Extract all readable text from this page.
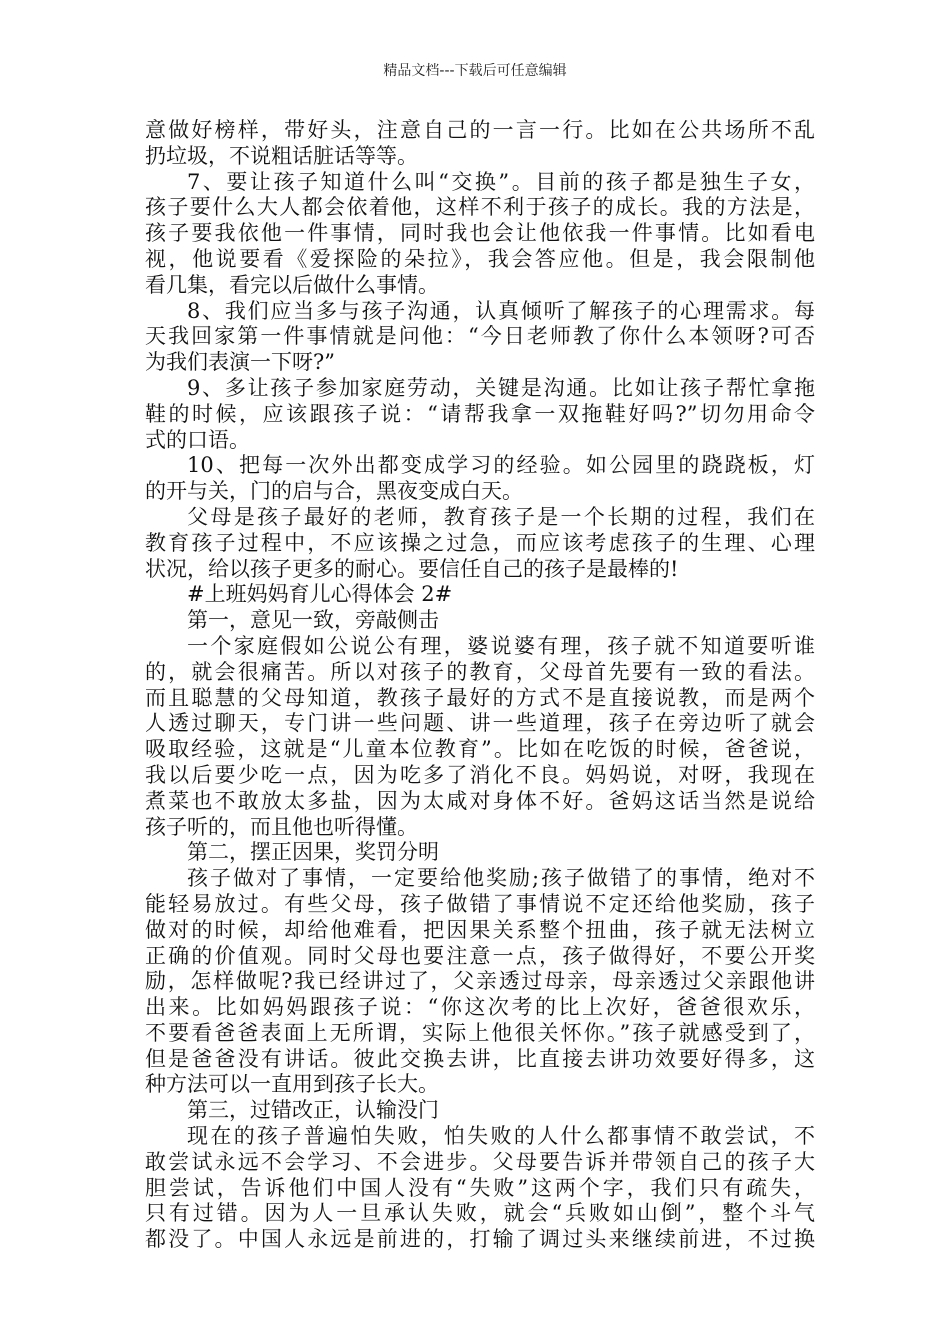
精品文档---下载后可任意编辑
意做好榜样，带好头，注意自己的一言一行。比如在公共场所不乱
扔垃圾，不说粗话脏话等等。
7、要让孩子知道什么叫“交换”。目前的孩子都是独生子女，
孩子要什么大人都会依着他，这样不利于孩子的成长。我的方法是，
孩子要我依他一件事情，同时我也会让他依我一件事情。比如看电
视，他说要看《爱探险的朵拉》，我会答应他。但是，我会限制他
看几集，看完以后做什么事情。
8、我们应当多与孩子沟通，认真倾听了解孩子的心理需求。每
天我回家第一件事情就是问他：“今日老师教了你什么本领呀?可否
为我们表演一下呀?”
9、多让孩子参加家庭劳动，关键是沟通。比如让孩子帮忙拿拖
鞋的时候，应该跟孩子说：“请帮我拿一双拖鞋好吗?”切勿用命令
式的口语。
10、把每一次外出都变成学习的经验。如公园里的跷跷板，灯
的开与关，门的启与合，黑夜变成白天。
父母是孩子最好的老师，教育孩子是一个长期的过程，我们在
教育孩子过程中，不应该操之过急，而应该考虑孩子的生理、心理
状况，给以孩子更多的耐心。要信任自己的孩子是最棒的!
#上班妈妈育儿心得体会 2#
第一，意见一致，旁敲侧击
一个家庭假如公说公有理，婆说婆有理，孩子就不知道要听谁
的，就会很痛苦。所以对孩子的教育，父母首先要有一致的看法。
而且聪慧的父母知道，教孩子最好的方式不是直接说教，而是两个
人透过聊天，专门讲一些问题、讲一些道理，孩子在旁边听了就会
吸取经验，这就是“儿童本位教育”。比如在吃饭的时候，爸爸说，
我以后要少吃一点，因为吃多了消化不良。妈妈说，对呀，我现在
煮菜也不敢放太多盐，因为太咸对身体不好。爸妈这话当然是说给
孩子听的，而且他也听得懂。
第二，摆正因果，奖罚分明
孩子做对了事情，一定要给他奖励;孩子做错了的事情，绝对不
能轻易放过。有些父母，孩子做错了事情说不定还给他奖励，孩子
做对的时候，却给他难看，把因果关系整个扭曲，孩子就无法树立
正确的价值观。同时父母也要注意一点，孩子做得好，不要公开奖
励，怎样做呢?我已经讲过了，父亲透过母亲，母亲透过父亲跟他讲
出来。比如妈妈跟孩子说：“你这次考的比上次好，爸爸很欢乐，
不要看爸爸表面上无所谓，实际上他很关怀你。”孩子就感受到了，
但是爸爸没有讲话。彼此交换去讲，比直接去讲功效要好得多，这
种方法可以一直用到孩子长大。
第三，过错改正，认输没门
现在的孩子普遍怕失败，怕失败的人什么都事情不敢尝试，不
敢尝试永远不会学习、不会进步。父母要告诉并带领自己的孩子大
胆尝试，告诉他们中国人没有“失败”这两个字，我们只有疏失，
只有过错。因为人一旦承认失败，就会“兵败如山倒”，整个斗气
都没了。中国人永远是前进的，打输了调过头来继续前进，不过换
